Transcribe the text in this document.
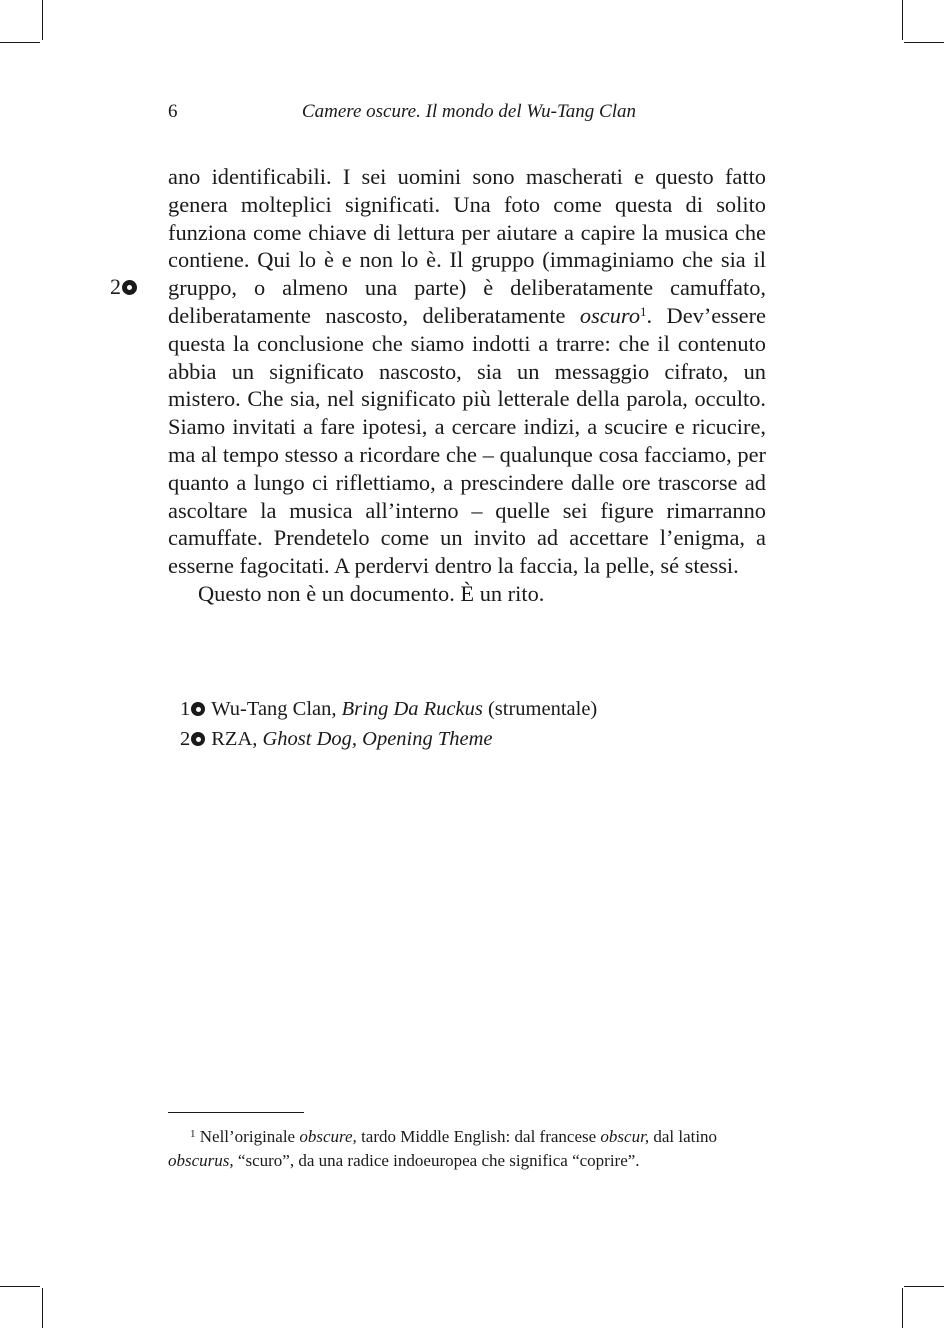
6	Camere oscure. Il mondo del Wu-Tang Clan
2

ano identificabili. I sei uomini sono mascherati e questo fatto genera molteplici significati. Una foto come questa di solito funziona come chiave di lettura per aiutare a capire la musica che contiene. Qui lo è e non lo è. Il gruppo (immaginiamo che sia il gruppo, o almeno una parte) è deliberatamente camuffato, deliberatamente nascosto, deliberatamente oscuro$^1$. Dev’essere questa la conclusione che siamo indotti a trarre: che il contenuto abbia un significato nascosto, sia un messaggio cifrato, un mistero. Che sia, nel significato più letterale della parola, occulto. Siamo invitati a fare ipotesi, a cercare indizi, a scucire e ricucire, ma al tempo stesso a ricordare che – qualunque cosa facciamo, per quanto a lungo ci riflettiamo, a prescindere dalle ore trascorse ad ascoltare la musica all’interno – quelle sei figure rimarranno camuffate. Prendetelo come un invito ad accettare l’enigma, a esserne fagocitati. A perdervi dentro la faccia, la pelle, sé stessi.

Questo non è un documento. È un rito.

1 Wu-Tang Clan,
Bring Da Ruckus
(strumentale)
2 RZA,
Ghost Dog, Opening Theme

$^1$ Nell’originale obscure, tardo Middle English: dal francese obscur, dal latino obscurus, “scuro”, da una radice indoeuropea che significa “coprire”.
